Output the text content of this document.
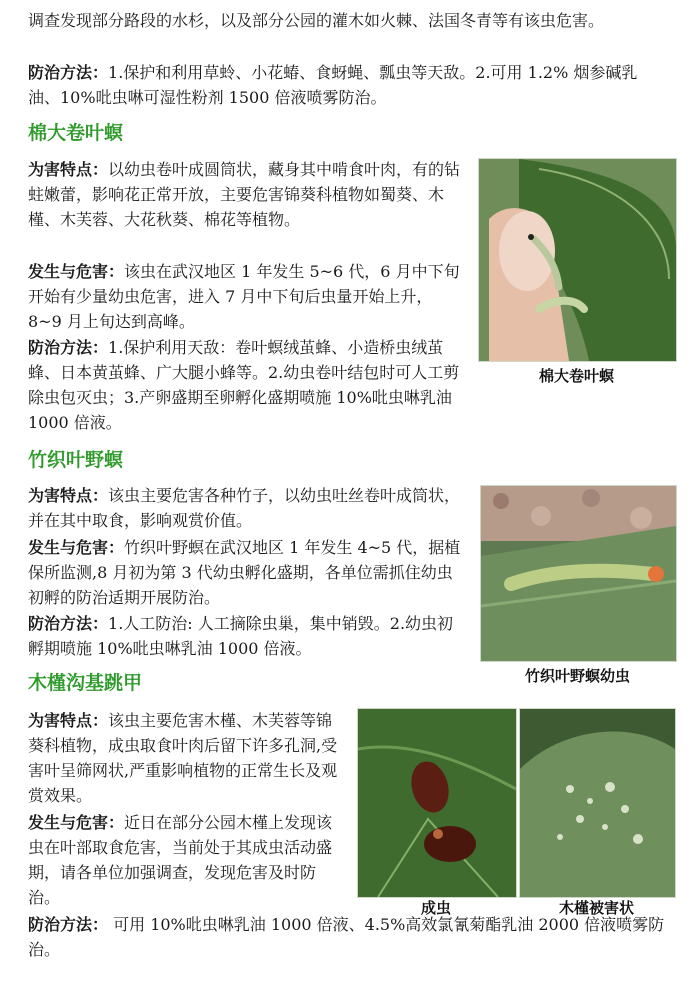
调查发现部分路段的水杉，以及部分公园的灌木如火棘、法国冬青等有该虫危害。

防治方法：1.保护和利用草蛉、小花蝽、食蚜蝇、瓢虫等天敌。2.可用 1.2% 烟参碱乳油、10%吡虫啉可湿性粉剂 1500 倍液喷雾防治。

棉大卷叶螟

为害特点：以幼虫卷叶成圆筒状，藏身其中啃食叶肉，有的钻蛀嫩蕾，影响花正常开放，主要危害锦葵科植物如蜀葵、木槿、木芙蓉、大花秋葵、棉花等植物。

发生与危害：该虫在武汉地区 1 年发生 5~6 代，6 月中下旬开始有少量幼虫危害，进入 7 月中下旬后虫量开始上升，8~9 月上旬达到高峰。

防治方法：1.保护利用天敌：卷叶螟绒茧蜂、小造桥虫绒茧蜂、日本黄茧蜂、广大腿小蜂等。2.幼虫卷叶结包时可人工剪除虫包灭虫；3.产卵盛期至卵孵化盛期喷施 10%吡虫啉乳油 1000 倍液。

棉大卷叶螟
竹织叶野螟

为害特点：该虫主要危害各种竹子，以幼虫吐丝卷叶成筒状，并在其中取食，影响观赏价值。

发生与危害：竹织叶野螟在武汉地区 1 年发生 4~5 代，据植保所监测,8 月初为第 3 代幼虫孵化盛期，各单位需抓住幼虫初孵的防治适期开展防治。

防治方法：1.人工防治: 人工摘除虫巢，集中销毁。2.幼虫初孵期喷施 10%吡虫啉乳油 1000 倍液。

竹织叶野螟幼虫
木槿沟基跳甲

为害特点：该虫主要危害木槿、木芙蓉等锦葵科植物，成虫取食叶肉后留下许多孔洞,受害叶呈筛网状,严重影响植物的正常生长及观赏效果。

发生与危害：近日在部分公园木槿上发现该虫在叶部取食危害，当前处于其成虫活动盛期，请各单位加强调查，发现危害及时防治。

防治方法： 可用 10%吡虫啉乳油 1000 倍液、4.5%高效氯氰菊酯乳油 2000 倍液喷雾防治。

成虫	木槿被害状
